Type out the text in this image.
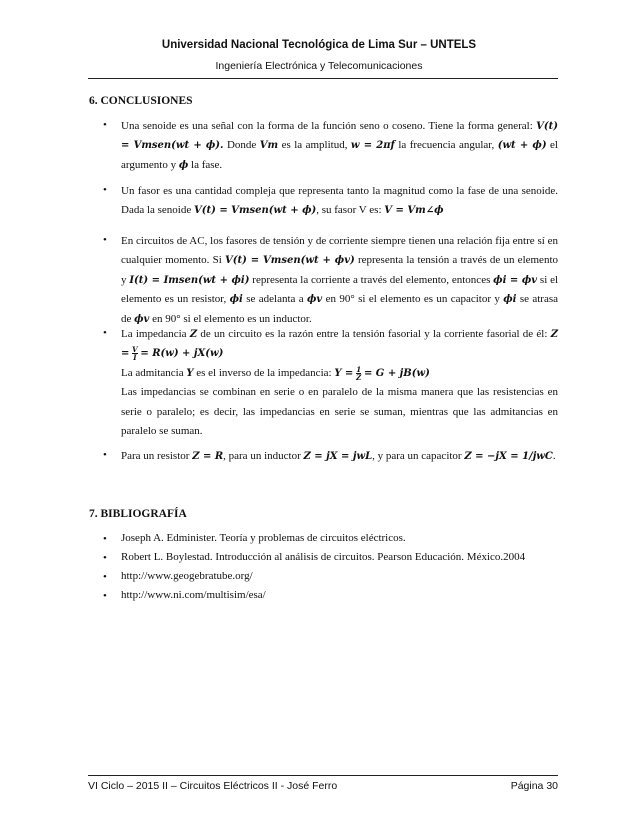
Universidad Nacional Tecnológica de Lima Sur – UNTELS
Ingeniería Electrónica y Telecomunicaciones
6. CONCLUSIONES
• Una senoide es una señal con la forma de la función seno o coseno. Tiene la forma general: V(t) = Vmsen(wt + ϕ). Donde Vm es la amplitud, w = 2πf la frecuencia angular, (wt + ϕ) el argumento y ϕ la fase.
• Un fasor es una cantidad compleja que representa tanto la magnitud como la fase de una senoide. Dada la senoide V(t) = Vmsen(wt + ϕ), su fasor V es: V = Vm∠ϕ
• En circuitos de AC, los fasores de tensión y de corriente siempre tienen una relación fija entre sí en cualquier momento. Si V(t) = Vmsen(wt + ϕv) representa la tensión a través de un elemento y I(t) = Imsen(wt + ϕi) representa la corriente a través del elemento, entonces ϕi = ϕv si el elemento es un resistor, ϕi se adelanta a ϕv en 90° si el elemento es un capacitor y ϕi se atrasa de ϕv en 90° si el elemento es un inductor.
• La impedancia Z de un circuito es la razón entre la tensión fasorial y la corriente fasorial de él: $Z = \frac{V}{I} = R(w) + jX(w)$
La admitancia Y es el inverso de la impedancia: $Y = \frac{1}{Z} = G + jB(w)$
Las impedancias se combinan en serie o en paralelo de la misma manera que las resistencias en serie o paralelo; es decir, las impedancias en serie se suman, mientras que las admitancias en paralelo se suman.
• Para un resistor Z = R, para un inductor Z = jX = jwL, y para un capacitor Z = −jX = 1/jwC.
7. BIBLIOGRAFÍA
• Joseph A. Edminister. Teoría y problemas de circuitos eléctricos.
• Robert L. Boylestad. Introducción al análisis de circuitos. Pearson Educación. México.2004
• http://www.geogebratube.org/
• http://www.ni.com/multisim/esa/
VI Ciclo – 2015 II – Circuitos Eléctricos II - José Ferro	Página 30
